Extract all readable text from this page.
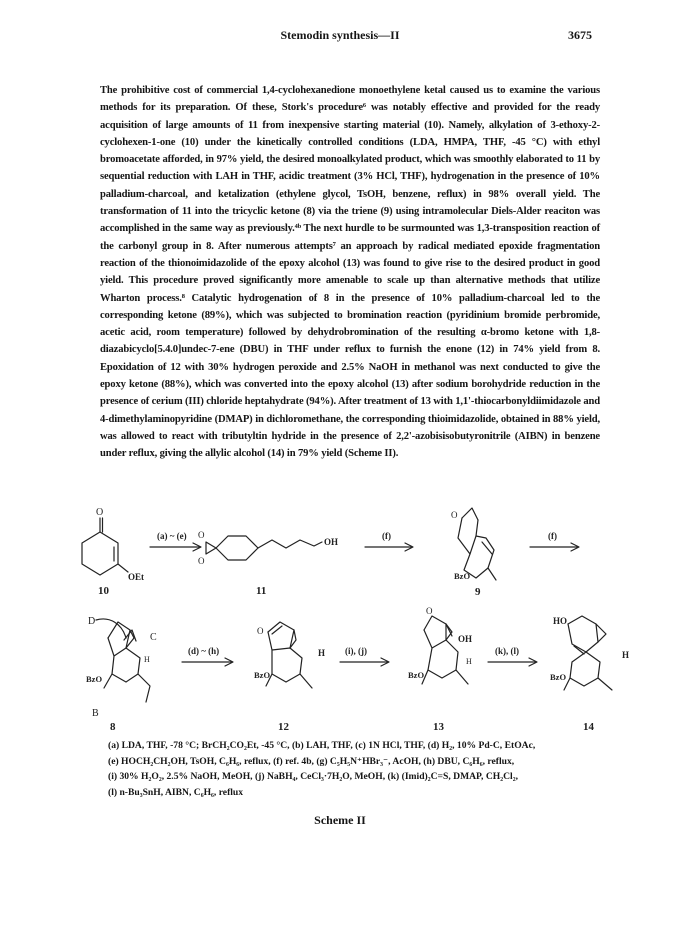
Stemodin synthesis—II	3675

The prohibitive cost of commercial 1,4-cyclohexanedione monoethylene ketal caused us to examine the various methods for its preparation. Of these, Stork's procedure⁶ was notably effective and provided for the ready acquisition of large amounts of 11 from inexpensive starting material (10). Namely, alkylation of 3-ethoxy-2-cyclohexen-1-one (10) under the kinetically controlled conditions (LDA, HMPA, THF, -45 °C) with ethyl bromoacetate afforded, in 97% yield, the desired monoalkylated product, which was smoothly elaborated to 11 by sequential reduction with LAH in THF, acidic treatment (3% HCl, THF), hydrogenation in the presence of 10% palladium-charcoal, and ketalization (ethylene glycol, TsOH, benzene, reflux) in 98% overall yield. The transformation of 11 into the tricyclic ketone (8) via the triene (9) using intramolecular Diels-Alder reaciton was accomplished in the same way as previously.⁴ᵇ The next hurdle to be surmounted was 1,3-transposition reaction of the carbonyl group in 8. After numerous attempts⁷ an approach by radical mediated epoxide fragmentation reaction of the thionoimidazolide of the epoxy alcohol (13) was found to give rise to the desired product in good yield. This procedure proved significantly more amenable to scale up than alternative methods that utilize Wharton process.⁸ Catalytic hydrogenation of 8 in the presence of 10% palladium-charcoal led to the corresponding ketone (89%), which was subjected to bromination reaction (pyridinium bromide perbromide, acetic acid, room temperature) followed by dehydrobromination of the resulting α-bromo ketone with 1,8-diazabicyclo[5.4.0]undec-7-ene (DBU) in THF under reflux to furnish the enone (12) in 74% yield from 8. Epoxidation of 12 with 30% hydrogen peroxide and 2.5% NaOH in methanol was next conducted to give the epoxy ketone (88%), which was converted into the epoxy alcohol (13) after sodium borohydride reduction in the presence of cerium (III) chloride heptahydrate (94%). After treatment of 13 with 1,1'-thiocarbonyldiimidazole and 4-dimethylaminopyridine (DMAP) in dichloromethane, the corresponding thioimidazolide, obtained in 88% yield, was allowed to react with tributyltin hydride in the presence of 2,2'-azobisisobutyronitrile (AIBN) in benzene under reflux, giving the allylic alcohol (14) in 79% yield (Scheme II).

O
OEt
10
(a) ~ (e) O
O
OH
11
(f)
O
BzO
9
(f)
D
C
B
BzO
H
8
(d) ~ (h)
O
H
BzO
12
(i), (j)
O
OH
H
BzO
13
(k), (l)
HO
H
BzO
14
(a) LDA, THF, -78 °C; BrCH₂CO₂Et, -45 °C, (b) LAH, THF, (c) 1N HCl, THF, (d) H₂, 10% Pd-C, EtOAc,
(e) HOCH₂CH₂OH, TsOH, C₆H₆, reflux, (f) ref. 4b, (g) C₅H₅N⁺HBr₃⁻, AcOH, (h) DBU, C₆H₆, reflux,
(i) 30% H₂O₂, 2.5% NaOH, MeOH, (j) NaBH₄, CeCl₃·7H₂O, MeOH, (k) (Imid)₂C=S, DMAP, CH₂Cl₂,
(l) n-Bu₃SnH, AIBN, C₆H₆, reflux
Scheme II
